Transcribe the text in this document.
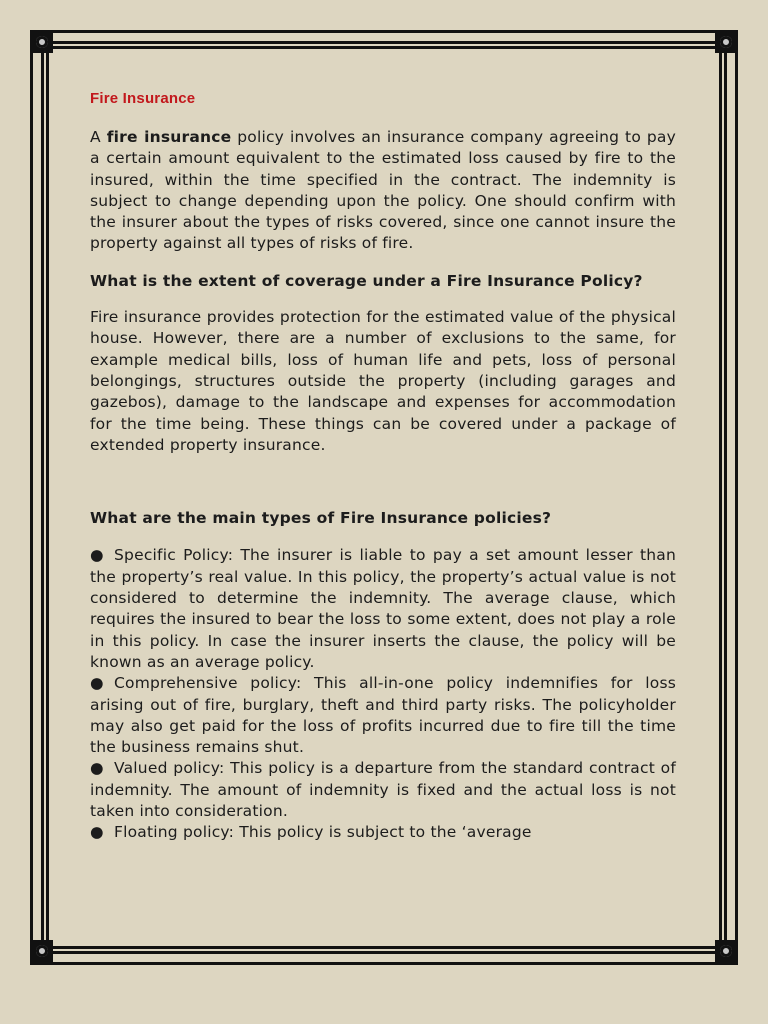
Fire Insurance

A fire insurance policy involves an insurance company agreeing to pay a certain amount equivalent to the estimated loss caused by fire to the insured, within the time specified in the contract. The indemnity is subject to change depending upon the policy. One should confirm with the insurer about the types of risks covered, since one cannot insure the property against all types of risks of fire.

What is the extent of coverage under a Fire Insurance Policy?

Fire insurance provides protection for the estimated value of the physical house. However, there are a number of exclusions to the same, for example medical bills, loss of human life and pets, loss of personal belongings, structures outside the property (including garages and gazebos), damage to the landscape and expenses for accommodation for the time being. These things can be covered under a package of extended property insurance.

What are the main types of Fire Insurance policies?

● Specific Policy: The insurer is liable to pay a set amount lesser than the property’s real value. In this policy, the property’s actual value is not considered to determine the indemnity. The average clause, which requires the insured to bear the loss to some extent, does not play a role in this policy. In case the insurer inserts the clause, the policy will be known as an average policy.

● Comprehensive policy: This all-in-one policy indemnifies for loss arising out of fire, burglary, theft and third party risks. The policyholder may also get paid for the loss of profits incurred due to fire till the time the business remains shut.

● Valued policy: This policy is a departure from the standard contract of indemnity. The amount of indemnity is fixed and the actual loss is not taken into consideration.

● Floating policy: This policy is subject to the ‘average
